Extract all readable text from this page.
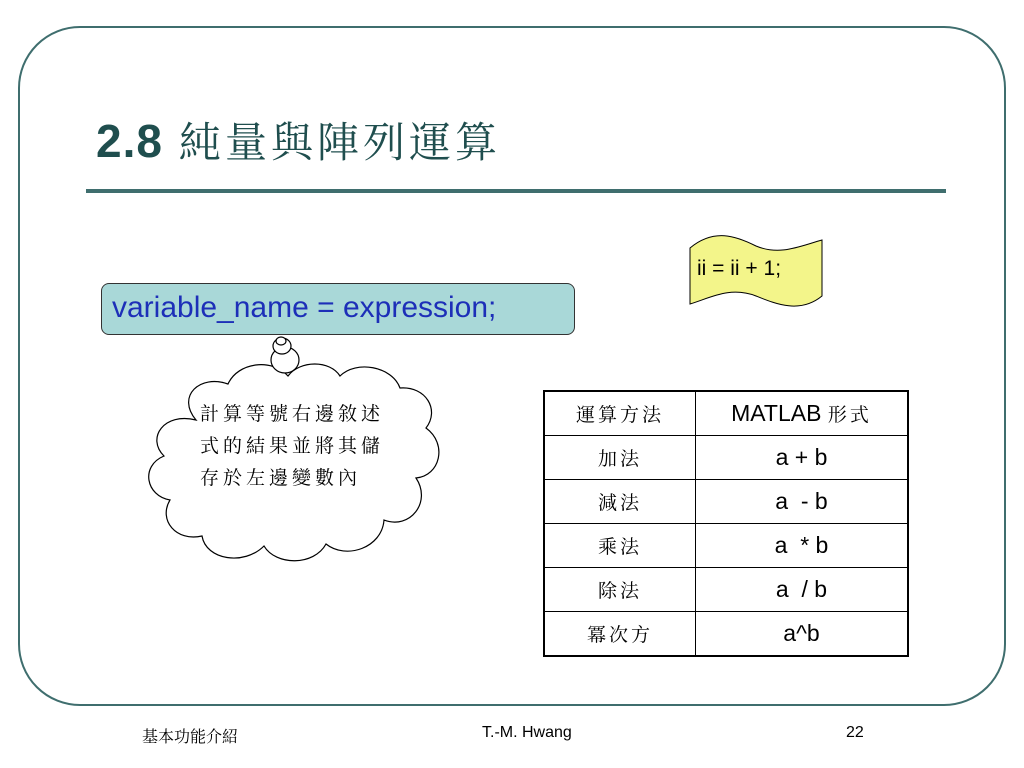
2.8 純量與陣列運算
variable_name = expression;
計算等號右邊敘述式的結果並將其儲存於左邊變數內
ii = ii + 1;
運算方法	MATLAB 形式
加法	a + b
減法	a  - b
乘法	a  * b
除法	a  / b
冪次方	a^b
基本功能介紹	T.-M. Hwang	22
